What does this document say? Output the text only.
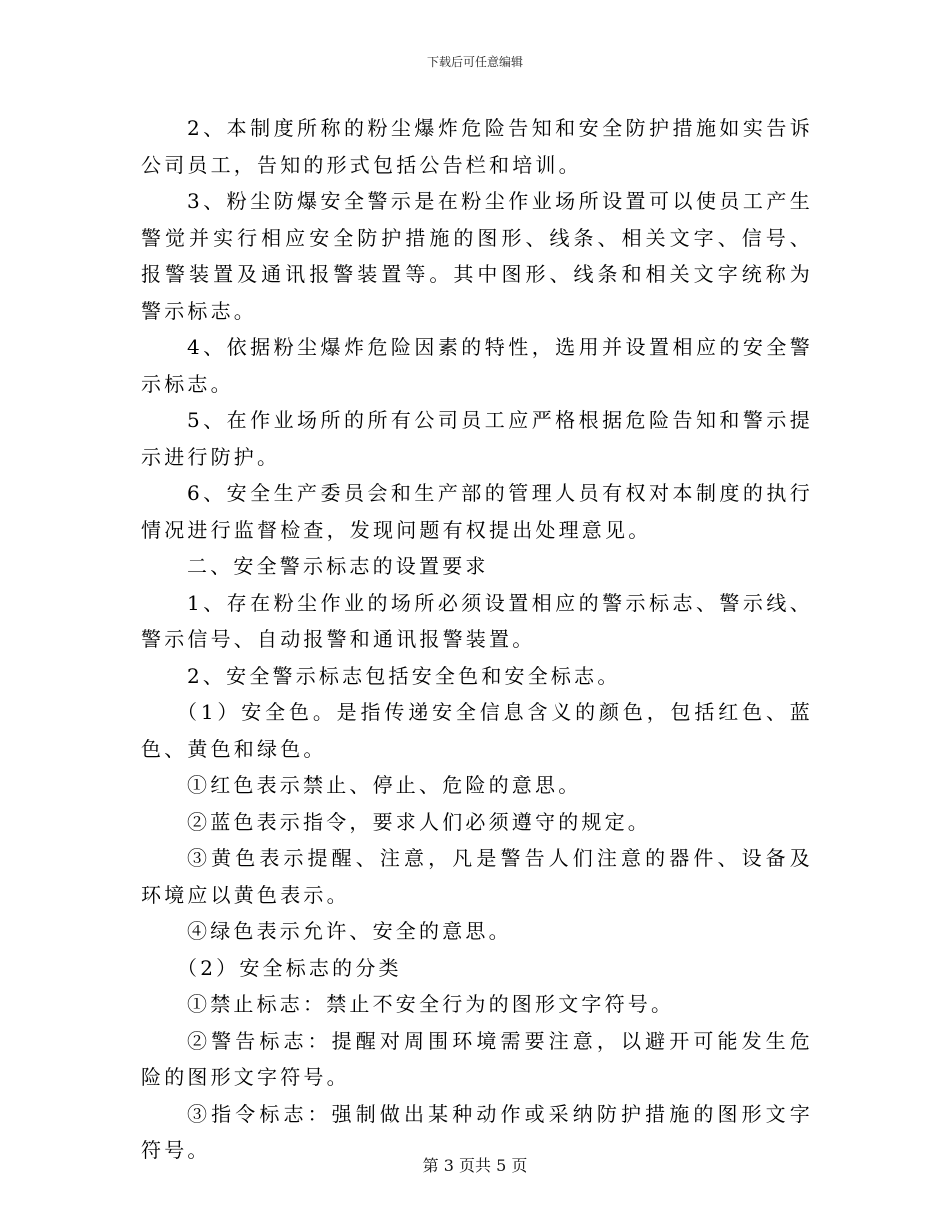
下载后可任意编辑

2、本制度所称的粉尘爆炸危险告知和安全防护措施如实告诉公司员工，告知的形式包括公告栏和培训。

3、粉尘防爆安全警示是在粉尘作业场所设置可以使员工产生警觉并实行相应安全防护措施的图形、线条、相关文字、信号、报警装置及通讯报警装置等。其中图形、线条和相关文字统称为警示标志。

4、依据粉尘爆炸危险因素的特性，选用并设置相应的安全警示标志。

5、在作业场所的所有公司员工应严格根据危险告知和警示提示进行防护。

6、安全生产委员会和生产部的管理人员有权对本制度的执行情况进行监督检查，发现问题有权提出处理意见。

二、安全警示标志的设置要求

1、存在粉尘作业的场所必须设置相应的警示标志、警示线、警示信号、自动报警和通讯报警装置。

2、安全警示标志包括安全色和安全标志。

（1）安全色。是指传递安全信息含义的颜色，包括红色、蓝色、黄色和绿色。

①红色表示禁止、停止、危险的意思。

②蓝色表示指令，要求人们必须遵守的规定。

③黄色表示提醒、注意，凡是警告人们注意的器件、设备及环境应以黄色表示。

④绿色表示允许、安全的意思。

（2）安全标志的分类

①禁止标志：禁止不安全行为的图形文字符号。

②警告标志：提醒对周围环境需要注意，以避开可能发生危险的图形文字符号。

③指令标志：强制做出某种动作或采纳防护措施的图形文字符号。

第 3 页共 5 页
